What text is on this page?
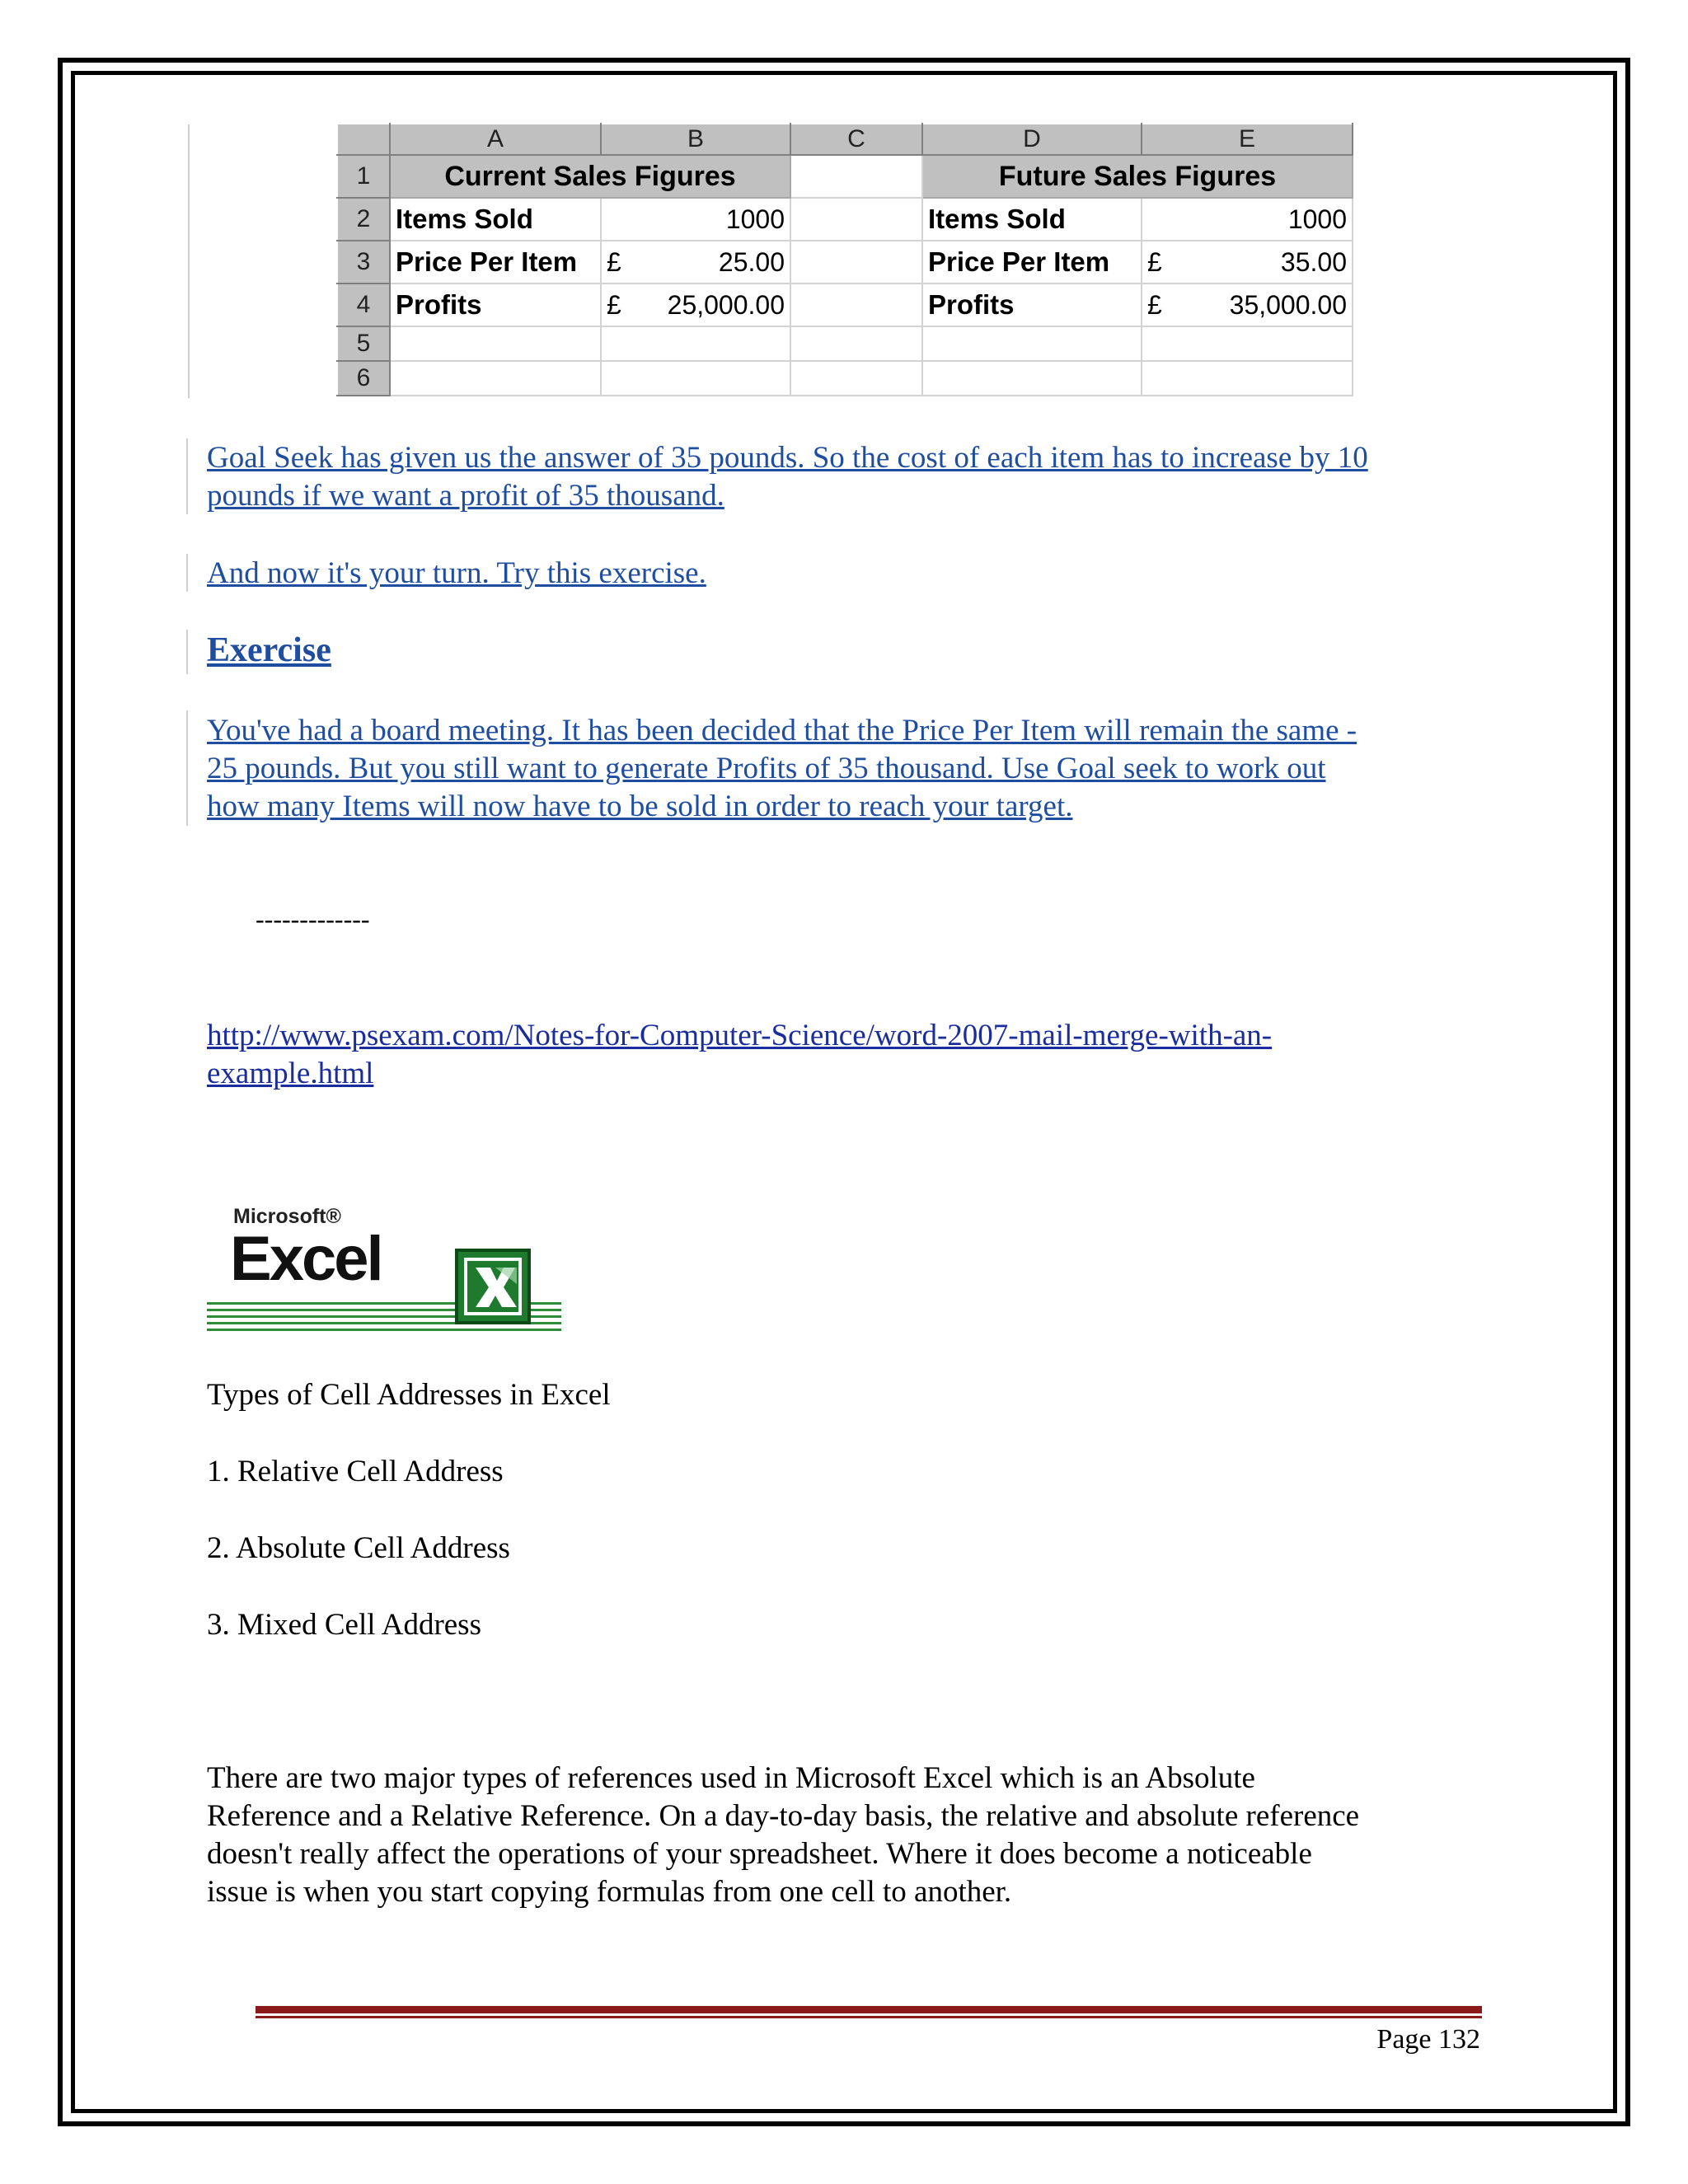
	A	B	C	D	E
1	Current Sales Figures			Future Sales Figures	
2	Items Sold	1000		Items Sold	1000
3	Price Per Item	£ 25.00		Price Per Item	£ 35.00
4	Profits	£ 25,000.00		Profits	£ 35,000.00
5					
6					
Goal Seek has given us the answer of 35 pounds. So the cost of each item has to increase by 10
pounds if we want a profit of 35 thousand.
And now it's your turn. Try this exercise.
Exercise
You've had a board meeting. It has been decided that the Price Per Item will remain the same -
25 pounds. But you still want to generate Profits of 35 thousand. Use Goal seek to work out
how many Items will now have to be sold in order to reach your target.
-------------
http://www.psexam.com/Notes-for-Computer-Science/word-2007-mail-merge-with-an-
example.html
Microsoft®
Excel
Types of Cell Addresses in Excel
1. Relative Cell Address
2. Absolute Cell Address
3. Mixed Cell Address
There are two major types of references used in Microsoft Excel which is an Absolute
Reference and a Relative Reference. On a day-to-day basis, the relative and absolute reference
doesn't really affect the operations of your spreadsheet. Where it does become a noticeable
issue is when you start copying formulas from one cell to another.
Page 132
